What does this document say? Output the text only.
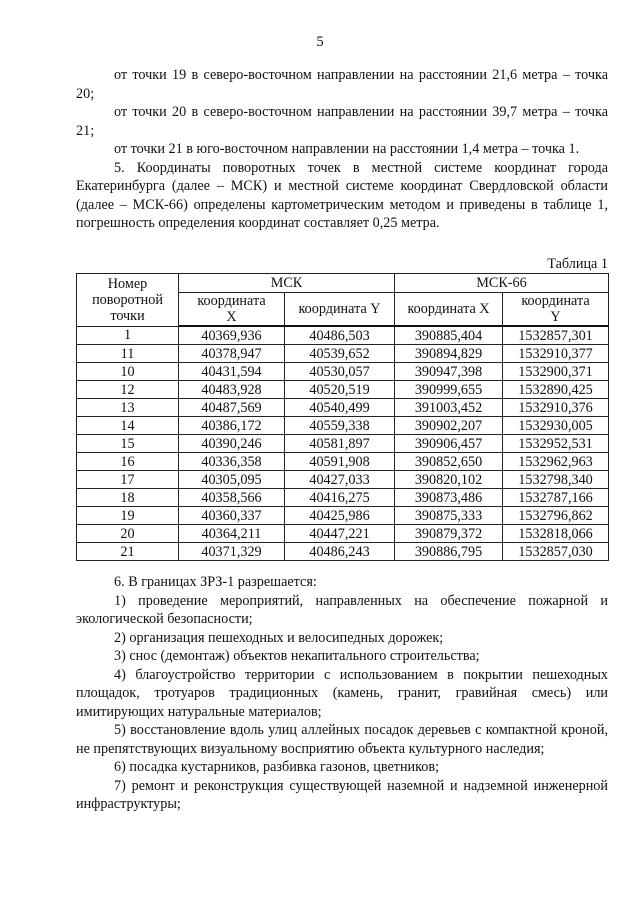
5

от точки 19 в северо-восточном направлении на расстоянии 21,6 метра – точка 20;

от точки 20 в северо-восточном направлении на расстоянии 39,7 метра – точка 21;

от точки 21 в юго-восточном направлении на расстоянии 1,4 метра – точка 1.

5. Координаты поворотных точек в местной системе координат города Екатеринбурга (далее – МСК) и местной системе координат Свердловской области (далее – МСК-66) определены картометрическим методом и приведены в таблице 1, погрешность определения координат составляет 0,25 метра.

Таблица 1
Номер поворотной точки	МСК		МСК-66	
	координата X	координата Y	координата X	координата Y
1	40369,936	40486,503	390885,404	1532857,301
11	40378,947	40539,652	390894,829	1532910,377
10	40431,594	40530,057	390947,398	1532900,371
12	40483,928	40520,519	390999,655	1532890,425
13	40487,569	40540,499	391003,452	1532910,376
14	40386,172	40559,338	390902,207	1532930,005
15	40390,246	40581,897	390906,457	1532952,531
16	40336,358	40591,908	390852,650	1532962,963
17	40305,095	40427,033	390820,102	1532798,340
18	40358,566	40416,275	390873,486	1532787,166
19	40360,337	40425,986	390875,333	1532796,862
20	40364,211	40447,221	390879,372	1532818,066
21	40371,329	40486,243	390886,795	1532857,030

6. В границах ЗРЗ-1 разрешается:

1) проведение мероприятий, направленных на обеспечение пожарной и экологической безопасности;

2) организация пешеходных и велосипедных дорожек;

3) снос (демонтаж) объектов некапитального строительства;

4) благоустройство территории с использованием в покрытии пешеходных площадок, тротуаров традиционных (камень, гранит, гравийная смесь) или имитирующих натуральные материалов;

5) восстановление вдоль улиц аллейных посадок деревьев с компактной кроной, не препятствующих визуальному восприятию объекта культурного наследия;

6) посадка кустарников, разбивка газонов, цветников;

7) ремонт и реконструкция существующей наземной и надземной инженерной инфраструктуры;
